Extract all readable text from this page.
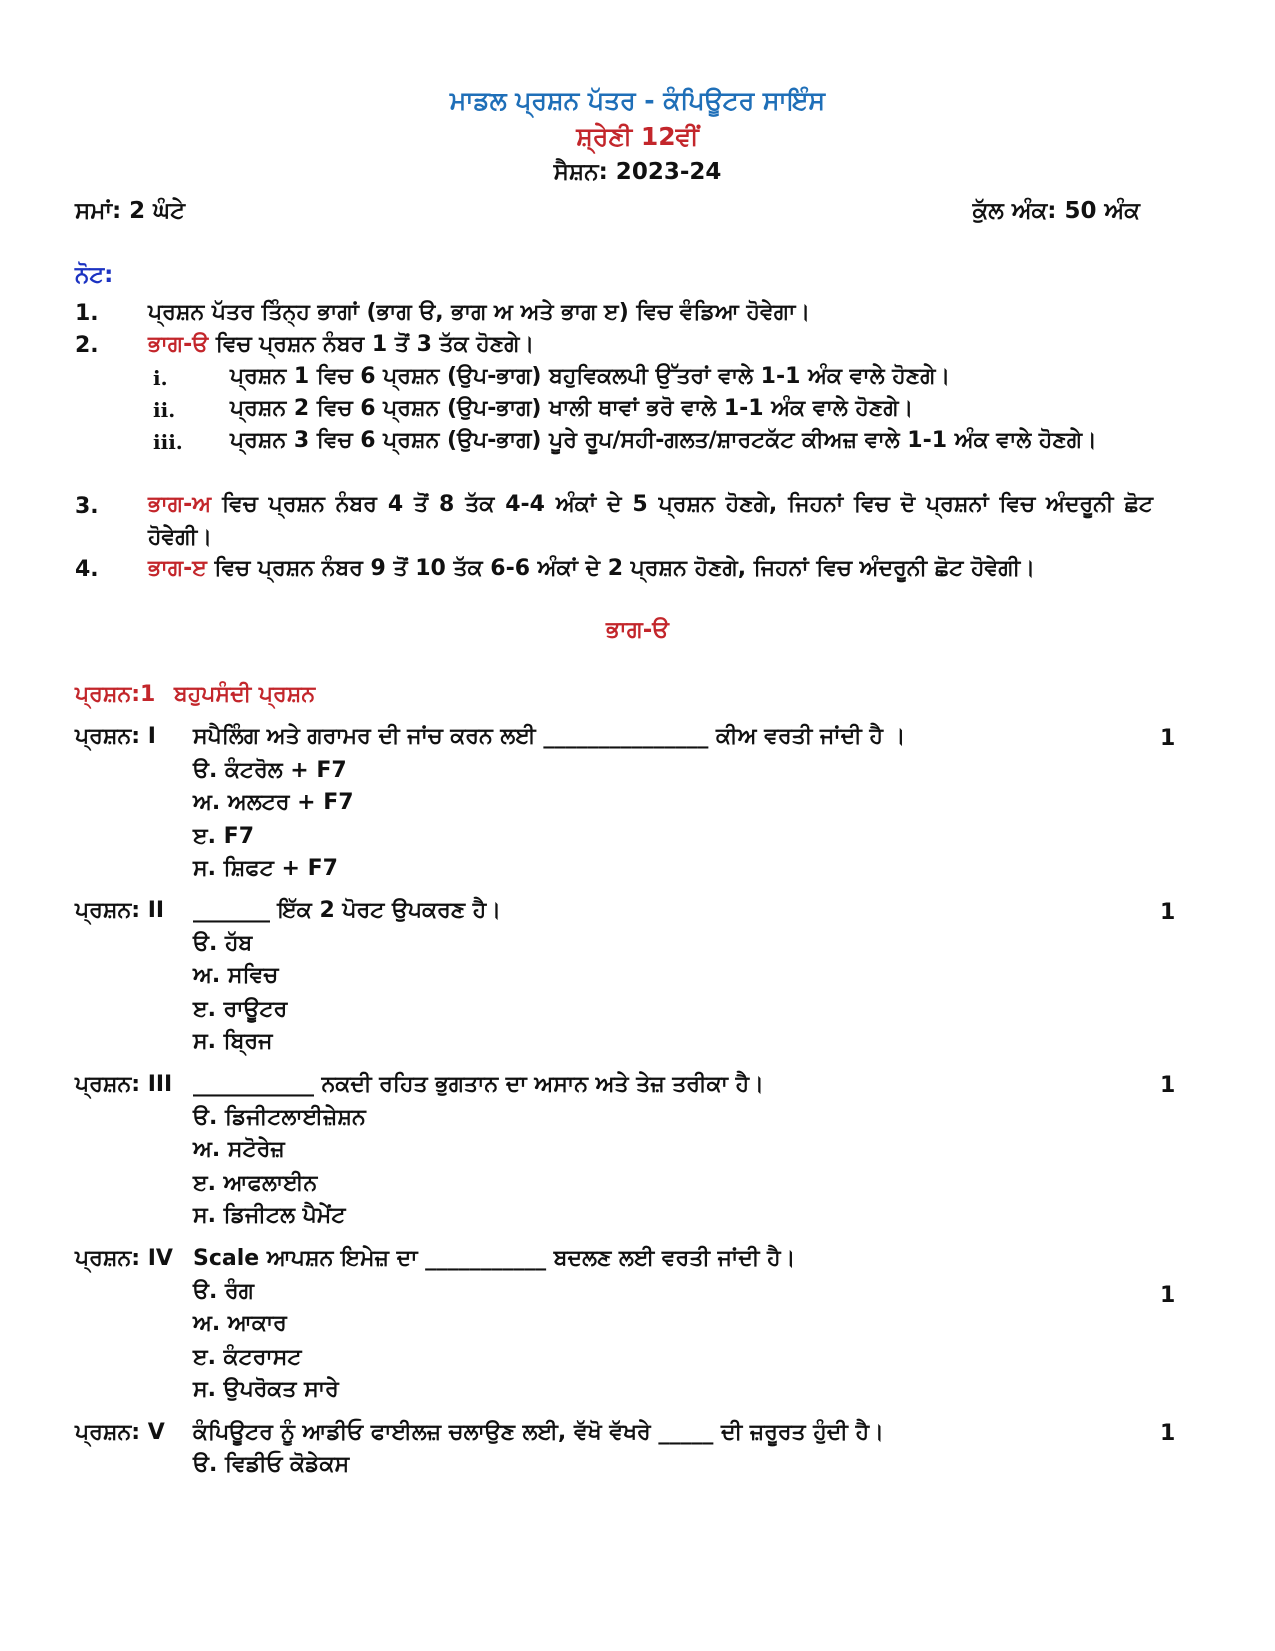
ਮਾਡਲ ਪ੍ਰਸ਼ਨ ਪੱਤਰ - ਕੰਪਿਊਟਰ ਸਾਇੰਸ
ਸ਼੍ਰੇਣੀ 12ਵੀਂ
ਸੈਸ਼ਨ: 2023-24
ਸਮਾਂ: 2 ਘੰਟੇ	ਕੁੱਲ ਅੰਕ: 50 ਅੰਕ
ਨੋਟ:
1. ਪ੍ਰਸ਼ਨ ਪੱਤਰ ਤਿੰਨ੍ਹ ਭਾਗਾਂ (ਭਾਗ ੳ, ਭਾਗ ਅ ਅਤੇ ਭਾਗ ੲ) ਵਿਚ ਵੰਡਿਆ ਹੋਵੇਗਾ।
2. ਭਾਗ-ੳ ਵਿਚ ਪ੍ਰਸ਼ਨ ਨੰਬਰ 1 ਤੋਂ 3 ਤੱਕ ਹੋਣਗੇ।
i.	ਪ੍ਰਸ਼ਨ 1 ਵਿਚ 6 ਪ੍ਰਸ਼ਨ (ਉਪ-ਭਾਗ) ਬਹੁਵਿਕਲਪੀ ਉੱਤਰਾਂ ਵਾਲੇ 1-1 ਅੰਕ ਵਾਲੇ ਹੋਣਗੇ।
ii. ਪ੍ਰਸ਼ਨ 2 ਵਿਚ 6 ਪ੍ਰਸ਼ਨ (ਉਪ-ਭਾਗ) ਖਾਲੀ ਥਾਵਾਂ ਭਰੋ ਵਾਲੇ 1-1 ਅੰਕ ਵਾਲੇ ਹੋਣਗੇ।
iii. ਪ੍ਰਸ਼ਨ 3 ਵਿਚ 6 ਪ੍ਰਸ਼ਨ (ਉਪ-ਭਾਗ) ਪੂਰੇ ਰੂਪ/ਸਹੀ-ਗਲਤ/ਸ਼ਾਰਟਕੱਟ ਕੀਅਜ਼ ਵਾਲੇ 1-1 ਅੰਕ ਵਾਲੇ ਹੋਣਗੇ।
3. ਭਾਗ-ਅ ਵਿਚ ਪ੍ਰਸ਼ਨ ਨੰਬਰ 4 ਤੋਂ 8 ਤੱਕ 4-4 ਅੰਕਾਂ ਦੇ 5 ਪ੍ਰਸ਼ਨ ਹੋਣਗੇ, ਜਿਹਨਾਂ ਵਿਚ ਦੋ ਪ੍ਰਸ਼ਨਾਂ ਵਿਚ ਅੰਦਰੂਨੀ ਛੋਟ ਹੋਵੇਗੀ।
4. ਭਾਗ-ੲ ਵਿਚ ਪ੍ਰਸ਼ਨ ਨੰਬਰ 9 ਤੋਂ 10 ਤੱਕ 6-6 ਅੰਕਾਂ ਦੇ 2 ਪ੍ਰਸ਼ਨ ਹੋਣਗੇ, ਜਿਹਨਾਂ ਵਿਚ ਅੰਦਰੂਨੀ ਛੋਟ ਹੋਵੇਗੀ।
ਭਾਗ-ੳ
ਪ੍ਰਸ਼ਨ:1 ਬਹੁਪਸੰਦੀ ਪ੍ਰਸ਼ਨ
ਪ੍ਰਸ਼ਨ: I ਸਪੈਲਿੰਗ ਅਤੇ ਗਰਾਮਰ ਦੀ ਜਾਂਚ ਕਰਨ ਲਈ _______________ ਕੀਅ ਵਰਤੀ ਜਾਂਦੀ ਹੈ ।	1
ੳ. ਕੰਟਰੋਲ + F7
ਅ. ਅਲਟਰ + F7
ੲ. F7
ਸ. ਸ਼ਿਫਟ + F7
ਪ੍ਰਸ਼ਨ: II _______ ਇੱਕ 2 ਪੋਰਟ ਉਪਕਰਣ ਹੈ।	1
ੳ. ਹੱਬ
ਅ. ਸਵਿਚ
ੲ. ਰਾਊਟਰ
ਸ. ਬ੍ਰਿਜ
ਪ੍ਰਸ਼ਨ: III ___________ ਨਕਦੀ ਰਹਿਤ ਭੁਗਤਾਨ ਦਾ ਅਸਾਨ ਅਤੇ ਤੇਜ਼ ਤਰੀਕਾ ਹੈ।	1
ੳ. ਡਿਜੀਟਲਾਈਜ਼ੇਸ਼ਨ
ਅ. ਸਟੋਰੇਜ਼
ੲ. ਆਫਲਾਈਨ
ਸ. ਡਿਜੀਟਲ ਪੈਮੇਂਟ
ਪ੍ਰਸ਼ਨ: IV Scale ਆਪਸ਼ਨ ਇਮੇਜ਼ ਦਾ ___________ ਬਦਲਣ ਲਈ ਵਰਤੀ ਜਾਂਦੀ ਹੈ।
1
ੳ. ਰੰਗ
ਅ. ਆਕਾਰ
ੲ. ਕੰਟਰਾਸਟ
ਸ. ਉਪਰੋਕਤ ਸਾਰੇ
ਪ੍ਰਸ਼ਨ: V ਕੰਪਿਊਟਰ ਨੂੰ ਆਡੀਓ ਫਾਈਲਜ਼ ਚਲਾਉਣ ਲਈ, ਵੱਖੋ ਵੱਖਰੇ _____ ਦੀ ਜ਼ਰੂਰਤ ਹੁੰਦੀ ਹੈ।	1
ੳ. ਵਿਡੀਓ ਕੋਡੇਕਸ
